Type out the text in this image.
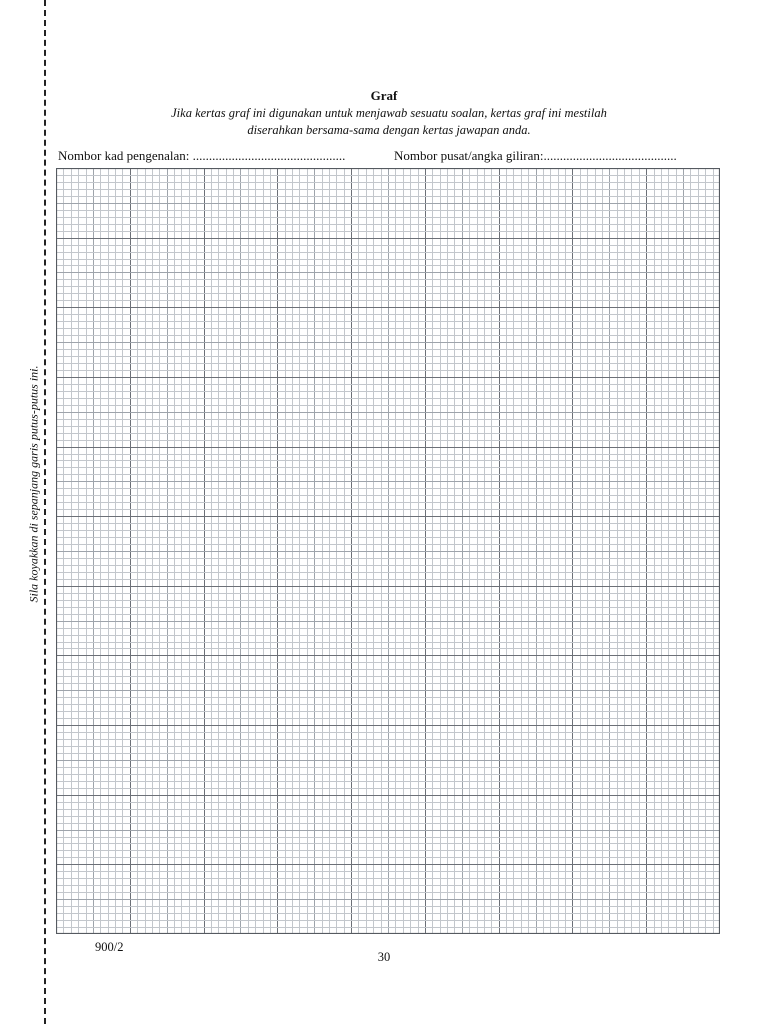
Sila koyakkan di sepanjang garis putus-putus ini.
Graf
Jika kertas graf ini digunakan untuk menjawab sesuatu soalan, kertas graf ini mestilah
diserahkan bersama-sama dengan kertas jawapan anda.
Nombor kad pengenalan: ...............................................	Nombor pusat/angka giliran:.........................................
900/2
30
